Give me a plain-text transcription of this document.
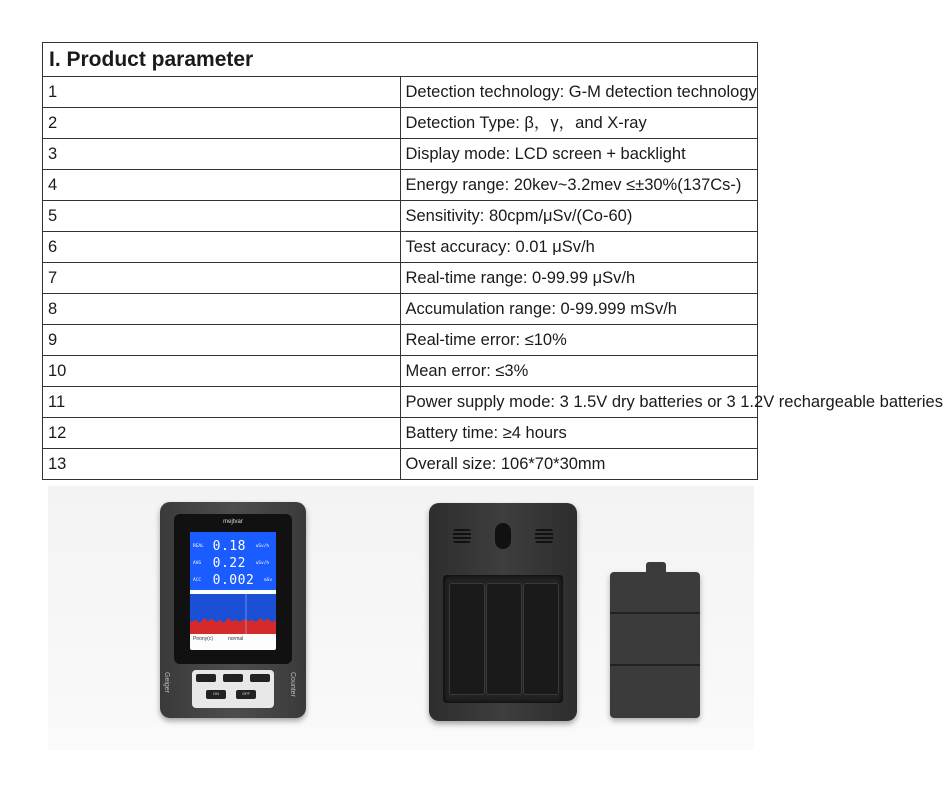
I. Product parameter	
1	Detection technology: G-M detection technology
2	Detection Type: β，γ，and X-ray
3	Display mode: LCD screen + backlight
4	Energy range: 20kev~3.2mev ≤±30%(137Cs-)
5	Sensitivity: 80cpm/μSv/(Co-60)
6	Test accuracy: 0.01 μSv/h
7	Real-time range: 0-99.99 μSv/h
8	Accumulation range: 0-99.999 mSv/h
9	Real-time error: ≤10%
10	Mean error: ≤3%
11	Power supply mode: 3 1.5V dry batteries or 3 1.2V rechargeable batteries
12	Battery time: ≥4 hours
13	Overall size: 106*70*30mm
mejtvar
REAL 0.18 uSv/h
AVG 0.22 uSv/h
ACC 0.002 mSv
Pirony(c)	normal
Geiger	Counter
ON	OFF
